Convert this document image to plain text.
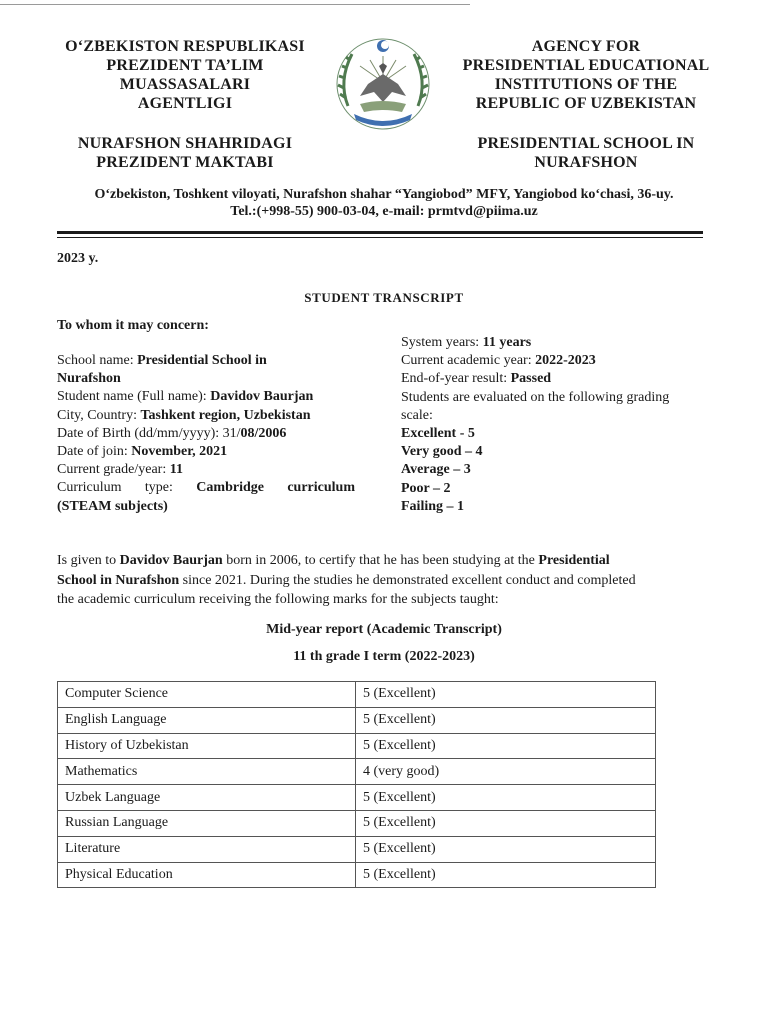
O‘ZBEKISTON RESPUBLIKASI
PREZIDENT TA’LIM
MUASSASALARI
AGENTLIGI
AGENCY FOR
PRESIDENTIAL EDUCATIONAL
INSTITUTIONS OF THE
REPUBLIC OF UZBEKISTAN
NURAFSHON SHAHRIDAGI
PREZIDENT MAKTABI
PRESIDENTIAL SCHOOL IN
NURAFSHON
O‘zbekiston, Toshkent viloyati, Nurafshon shahar “Yangiobod” MFY, Yangiobod ko‘chasi, 36-uy.
Tel.:(+998-55) 900-03-04, e-mail: prmtvd@piima.uz
2023 y.
STUDENT TRANSCRIPT
To whom it may concern:
School name: Presidential School in
Nurafshon
Student name (Full name): Davidov Baurjan
City, Country: Tashkent region, Uzbekistan
Date of Birth (dd/mm/yyyy): 31/08/2006
Date of join: November, 2021
Current grade/year: 11
Curriculum type: Cambridge curriculum
(STEAM subjects)
System years: 11 years
Current academic year: 2022-2023
End-of-year result: Passed
Students are evaluated on the following grading
scale:
Excellent - 5
Very good – 4
Average – 3
Poor – 2
Failing – 1
Is given to Davidov Baurjan born in 2006, to certify that he has been studying at the Presidential
School in Nurafshon since 2021. During the studies he demonstrated excellent conduct and completed
the academic curriculum receiving the following marks for the subjects taught:
Mid-year report (Academic Transcript)
11 th grade I term (2022-2023)
Computer Science	5 (Excellent)
English Language	5 (Excellent)
History of Uzbekistan	5 (Excellent)
Mathematics	4 (very good)
Uzbek Language	5 (Excellent)
Russian Language	5 (Excellent)
Literature	5 (Excellent)
Physical Education	5 (Excellent)
